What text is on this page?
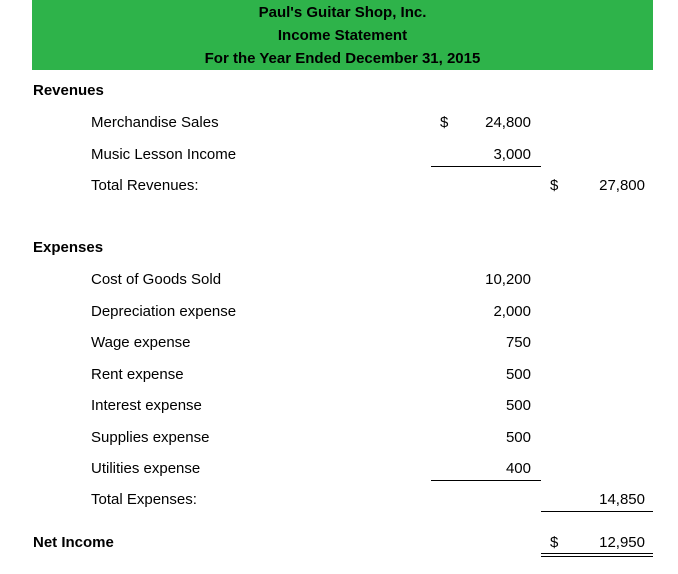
Paul's Guitar Shop, Inc.
Income Statement
For the Year Ended December 31, 2015
Revenues
Merchandise Sales	$	24,800
Music Lesson Income	3,000
Total Revenues:	$	27,800
Expenses
Cost of Goods Sold	10,200
Depreciation expense	2,000
Wage expense	750
Rent expense	500
Interest expense	500
Supplies expense	500
Utilities expense	400
Total Expenses:	14,850
Net Income	$	12,950
